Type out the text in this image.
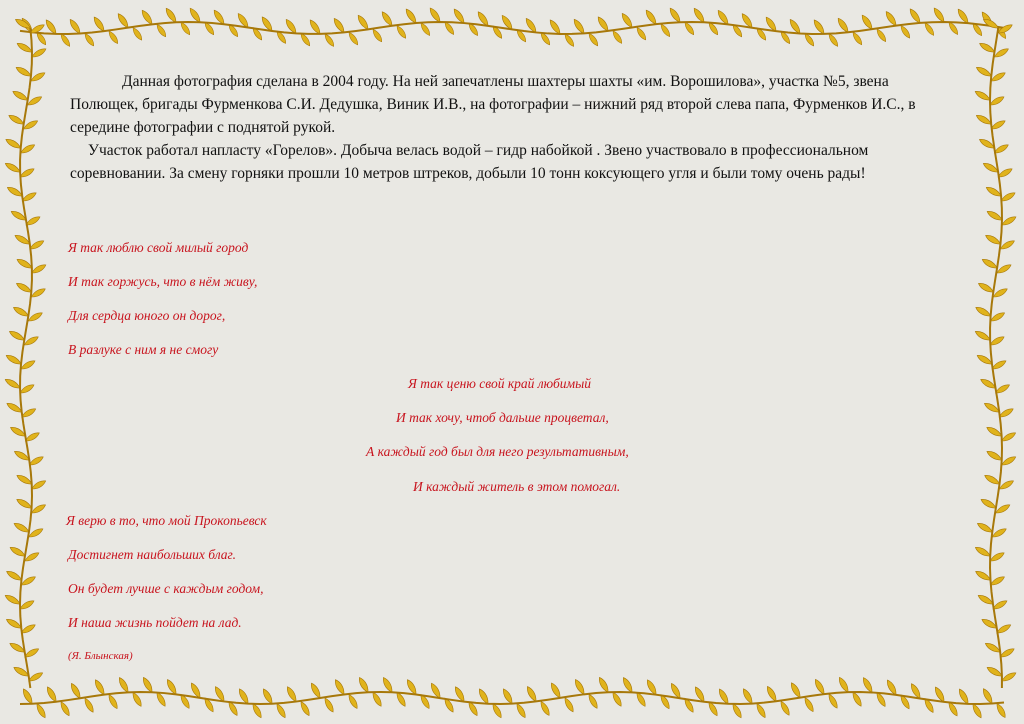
Данная фотография сделана в 2004 году. На ней запечатлены шахтеры шахты «им. Ворошилова», участка №5, звена Полющек, бригады Фурменкова С.И. Дедушка, Виник И.В., на фотографии – нижний ряд второй слева папа, Фурменков И.С., в середине фотографии с поднятой рукой.

Участок работал напласту «Горелов». Добыча велась водой – гидр набойкой . Звено участвовало в профессиональном соревновании. За смену горняки прошли 10 метров штреков, добыли 10 тонн коксующего угля и были тому очень рады!

Я так люблю свой милый город
И так горжусь, что в нём живу,
Для сердца юного он дорог,
В разлуке с ним я не смогу
Я так ценю свой край любимый
И так хочу, чтоб дальше процветал,
А каждый год был для него результативным,
И каждый житель в этом помогал.
Я верю в то, что мой Прокопьевск
Достигнет наибольших благ.
Он будет лучше с каждым годом,
И наша жизнь пойдет на лад.
(Я. Блынская)
